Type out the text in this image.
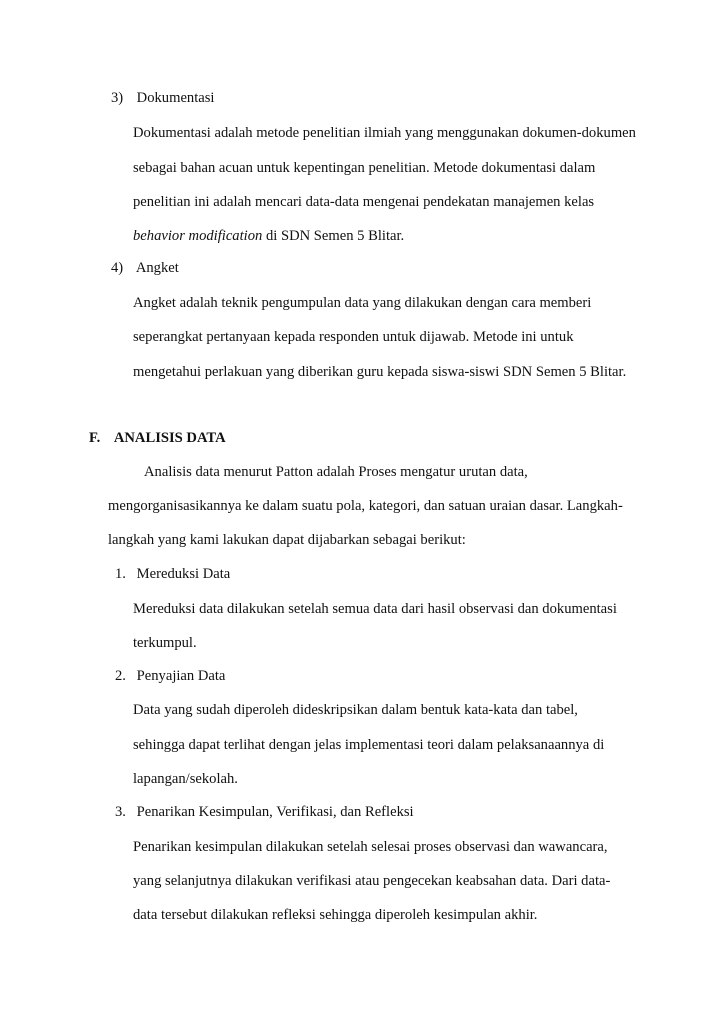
3) Dokumentasi
Dokumentasi adalah metode penelitian ilmiah yang menggunakan dokumen-dokumen
sebagai bahan acuan untuk kepentingan penelitian. Metode dokumentasi dalam
penelitian ini adalah mencari data-data mengenai pendekatan manajemen kelas
behavior modification di SDN Semen 5 Blitar.
4) Angket
Angket adalah teknik pengumpulan data yang dilakukan dengan cara memberi
seperangkat pertanyaan kepada responden untuk dijawab. Metode ini untuk
mengetahui perlakuan yang diberikan guru kepada siswa-siswi SDN Semen 5 Blitar.
F. ANALISIS DATA
Analisis data menurut Patton adalah Proses mengatur urutan data,
mengorganisasikannya ke dalam suatu pola, kategori, dan satuan uraian dasar. Langkah-
langkah yang kami lakukan dapat dijabarkan sebagai berikut:
1. Mereduksi Data
Mereduksi data dilakukan setelah semua data dari hasil observasi dan dokumentasi
terkumpul.
2. Penyajian Data
Data yang sudah diperoleh dideskripsikan dalam bentuk kata-kata dan tabel,
sehingga dapat terlihat dengan jelas implementasi teori dalam pelaksanaannya di
lapangan/sekolah.
3. Penarikan Kesimpulan, Verifikasi, dan Refleksi
Penarikan kesimpulan dilakukan setelah selesai proses observasi dan wawancara,
yang selanjutnya dilakukan verifikasi atau pengecekan keabsahan data. Dari data-
data tersebut dilakukan refleksi sehingga diperoleh kesimpulan akhir.
